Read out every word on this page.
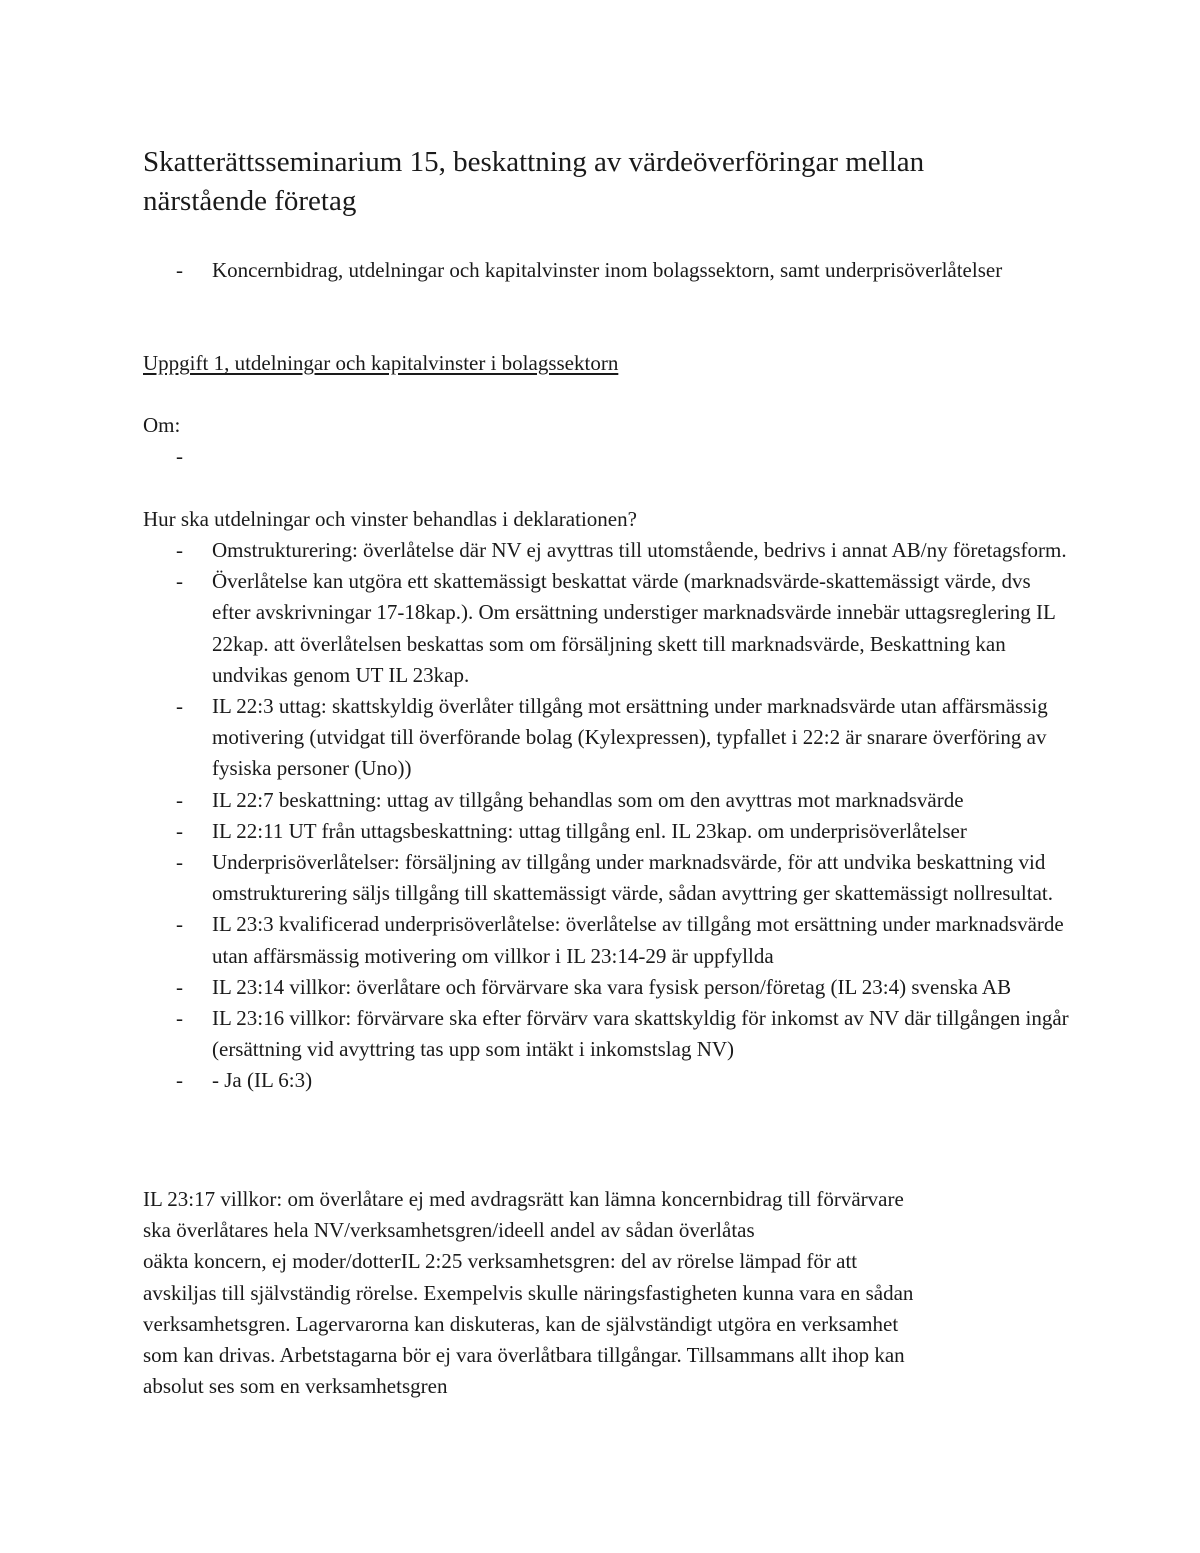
Skatterättsseminarium 15, beskattning av värdeöverföringar mellan närstående företag
- Koncernbidrag, utdelningar och kapitalvinster inom bolagssektorn, samt underprisöverlåtelser
Uppgift 1, utdelningar och kapitalvinster i bolagssektorn

Om:

-

Hur ska utdelningar och vinster behandlas i deklarationen?

- Omstrukturering: överlåtelse där NV ej avyttras till utomstående, bedrivs i annat AB/ny företagsform.
- Överlåtelse kan utgöra ett skattemässigt beskattat värde (marknadsvärde-skattemässigt värde, dvs efter avskrivningar 17-18kap.). Om ersättning understiger marknadsvärde innebär uttagsreglering IL 22kap. att överlåtelsen beskattas som om försäljning skett till marknadsvärde, Beskattning kan undvikas genom UT IL 23kap.
- IL 22:3 uttag: skattskyldig överlåter tillgång mot ersättning under marknadsvärde utan affärsmässig motivering (utvidgat till överförande bolag (Kylexpressen), typfallet i 22:2 är snarare överföring av fysiska personer (Uno))
- IL 22:7 beskattning: uttag av tillgång behandlas som om den avyttras mot marknadsvärde
- IL 22:11 UT från uttagsbeskattning: uttag tillgång enl. IL 23kap. om underprisöverlåtelser
- Underprisöverlåtelser: försäljning av tillgång under marknadsvärde, för att undvika beskattning vid omstrukturering säljs tillgång till skattemässigt värde, sådan avyttring ger skattemässigt nollresultat.
- IL 23:3 kvalificerad underprisöverlåtelse: överlåtelse av tillgång mot ersättning under marknadsvärde utan affärsmässig motivering om villkor i IL 23:14-29 är uppfyllda
- IL 23:14 villkor: överlåtare och förvärvare ska vara fysisk person/företag (IL 23:4) svenska AB
- IL 23:16 villkor: förvärvare ska efter förvärv vara skattskyldig för inkomst av NV där tillgången ingår (ersättning vid avyttring tas upp som intäkt i inkomstslag NV)
- - Ja (IL 6:3)

IL 23:17 villkor: om överlåtare ej med avdragsrätt kan lämna koncernbidrag till förvärvare
ska överlåtares hela NV/verksamhetsgren/ideell andel av sådan överlåtas
oäkta koncern, ej moder/dotterIL 2:25 verksamhetsgren: del av rörelse lämpad för att
avskiljas till självständig rörelse. Exempelvis skulle näringsfastigheten kunna vara en sådan
verksamhetsgren. Lagervarorna kan diskuteras, kan de självständigt utgöra en verksamhet
som kan drivas. Arbetstagarna bör ej vara överlåtbara tillgångar. Tillsammans allt ihop kan
absolut ses som en verksamhetsgren
